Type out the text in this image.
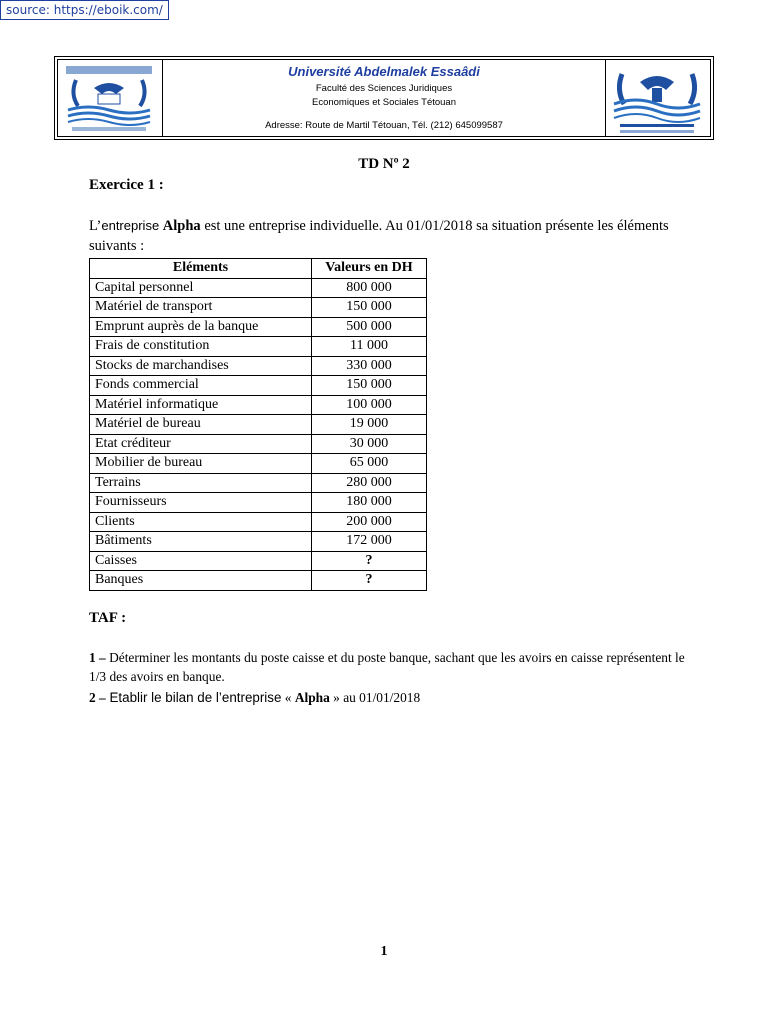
source: https://eboik.com/
Université Abdelmalek Essaâdi
Faculté des Sciences Juridiques
Economiques et Sociales Tétouan
Adresse: Route de Martil Tétouan, Tél. (212) 645099587
TD Nº 2
Exercice 1 :
L’entreprise Alpha est une entreprise individuelle. Au 01/01/2018 sa situation présente les éléments suivants :
Eléments	Valeurs en DH
Capital personnel	800 000
Matériel de transport	150 000
Emprunt auprès de la banque	500 000
Frais de constitution	11 000
Stocks de marchandises	330 000
Fonds commercial	150 000
Matériel informatique	100 000
Matériel de bureau	19 000
Etat créditeur	30 000
Mobilier de bureau	65 000
Terrains	280 000
Fournisseurs	180 000
Clients	200 000
Bâtiments	172 000
Caisses	?
Banques	?
TAF :
1 – Déterminer les montants du poste caisse et du poste banque, sachant que les avoirs en caisse représentent le 1/3 des avoirs en banque.
2 – Etablir le bilan de l’entreprise « Alpha » au 01/01/2018
1
